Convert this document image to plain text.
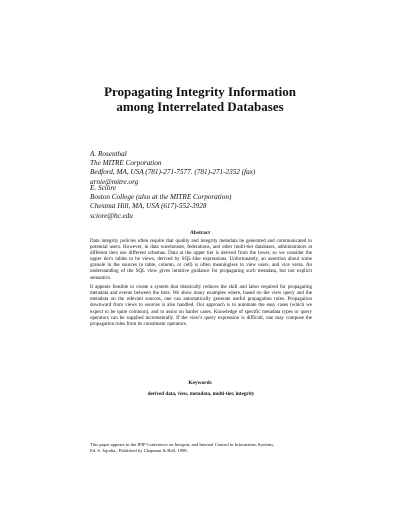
Propagating Integrity Information
among Interrelated Databases
A. Rosenthal
The MITRE Corporation
Bedford, MA, USA (781)-271-7577. (781)-271-2352 (fax)
arnie@mitre.org
E. Sciore
Boston College (also at the MITRE Corporation)
Chestnut Hill, MA, USA (617)-552-3928
sciore@bc.edu
Abstract

Data integrity policies often require that quality and integrity metadata be generated and communicated to potential users. However, in data warehouses, federations, and other multi-tier databases, administrators at different tiers use different schemas. Data at the upper tier is derived from the lower, so we consider the upper tier's tables to be views, derived by SQL-like expressions. Unfortunately, an assertion about some granule in the sources (a table, column, or cell) is often meaningless to view users, and vice versa. An understanding of the SQL view gives intuitive guidance for propagating such metadata, but not explicit semantics.

It appears feasible to create a system that drastically reduces the skill and labor required for propagating metadata and events between the tiers. We show many examples where, based on the view query and the metadata on the relevant sources, one can automatically generate useful propagation rules. Propagation downward from views to sources is also handled. Our approach is to automate the easy cases (which we expect to be quite common), and to assist on harder cases. Knowledge of specific metadata types or query operators can be supplied incrementally. If the view's query expression is difficult, one may compose the propagation rules from its constituent operators.

Keywords
derived data, view, metadata, multi-tier, integrity
This paper appears in the IFIP Conference on Integrity and Internal Control in Information Systems,
Ed. S. Jajodia., Published by Chapman & Hall, 1998.
